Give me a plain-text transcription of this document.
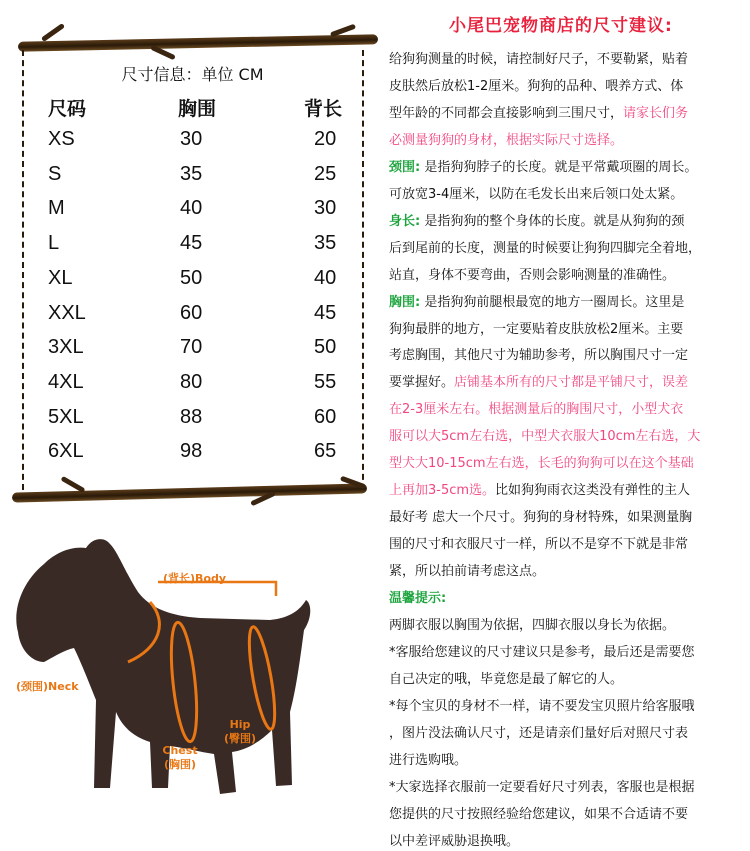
尺寸信息：单位 CM
尺码	胸围	背长
XS	30	20
S	35	25
M	40	30
L	45	35
XL	50	40
XXL	60	45
3XL	70	50
4XL	80	55
5XL	88	60
6XL	98	65
(背长)Body
(颈围)Neck
Chest
(胸围)
Hip
(臀围)
小尾巴宠物商店的尺寸建议:
给狗狗测量的时候，请控制好尺子，不要勒紧，贴着
皮肤然后放松1-2厘米。狗狗的品种、喂养方式、体
型年龄的不同都会直接影响到三围尺寸，请家长们务
必测量狗狗的身材，根据实际尺寸选择。
颈围: 是指狗狗脖子的长度。就是平常戴项圈的周长。
可放宽3-4厘米，以防在毛发长出来后领口处太紧。
身长: 是指狗狗的整个身体的长度。就是从狗狗的颈
后到尾前的长度，测量的时候要让狗狗四脚完全着地，
站直，身体不要弯曲，否则会影响测量的准确性。
胸围: 是指狗狗前腿根最宽的地方一圈周长。这里是
狗狗最胖的地方，一定要贴着皮肤放松2厘米。主要
考虑胸围，其他尺寸为辅助参考，所以胸围尺寸一定
要掌握好。店铺基本所有的尺寸都是平铺尺寸，误差
在2-3厘米左右。根据测量后的胸围尺寸，小型犬衣
服可以大5cm左右选，中型犬衣服大10cm左右选，大
型犬大10-15cm左右选，长毛的狗狗可以在这个基础
上再加3-5cm选。比如狗狗雨衣这类没有弹性的主人
最好考 虑大一个尺寸。狗狗的身材特殊，如果测量胸
围的尺寸和衣服尺寸一样，所以不是穿不下就是非常
紧，所以拍前请考虑这点。
温馨提示:
两脚衣服以胸围为依据，四脚衣服以身长为依据。
*客服给您建议的尺寸建议只是参考，最后还是需要您
自己决定的哦，毕竟您是最了解它的人。
*每个宝贝的身材不一样，请不要发宝贝照片给客服哦
，图片没法确认尺寸，还是请亲们量好后对照尺寸表
进行选购哦。
*大家选择衣服前一定要看好尺寸列表，客服也是根据
您提供的尺寸按照经验给您建议，如果不合适请不要
以中差评威胁退换哦。
